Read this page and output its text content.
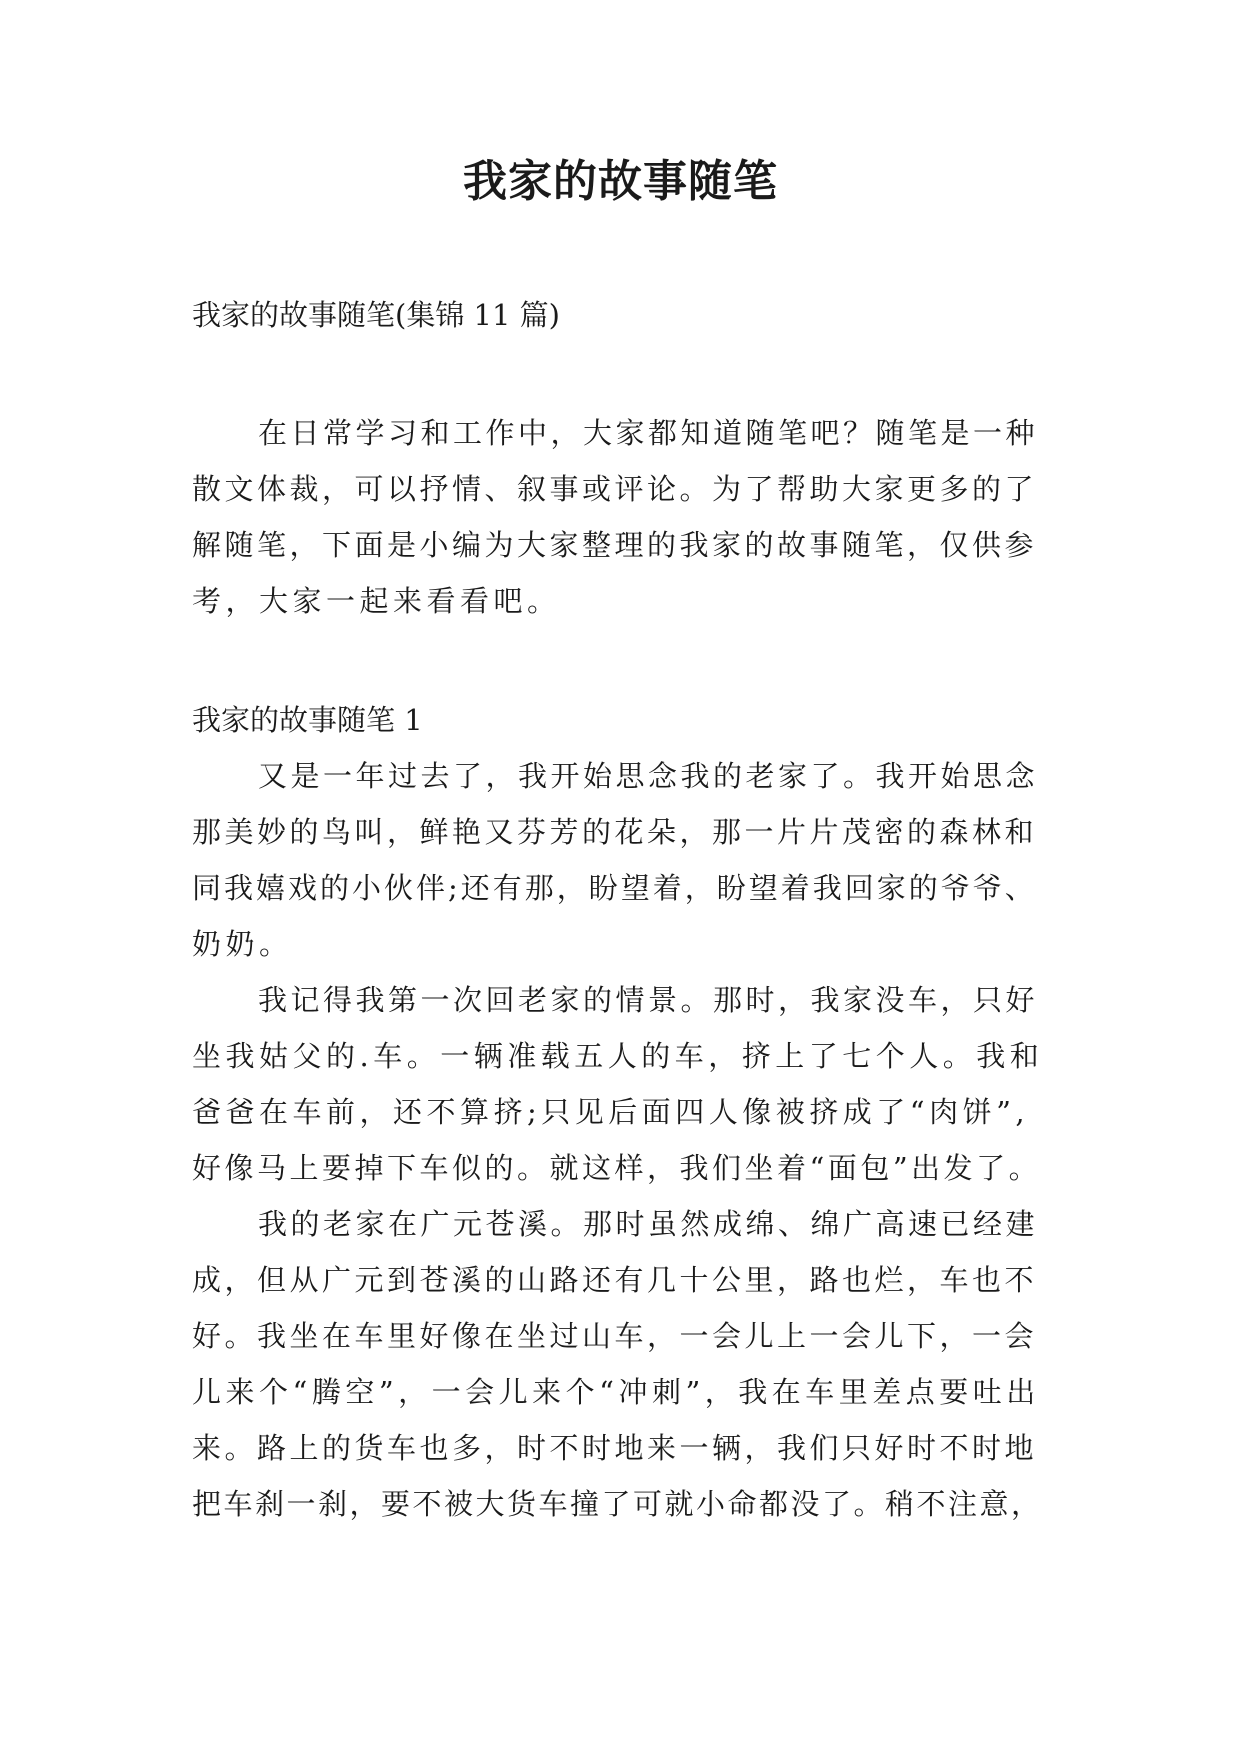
我家的故事随笔

我家的故事随笔(集锦 11 篇)

在日常学习和工作中，大家都知道随笔吧？随笔是一种

散文体裁，可以抒情、叙事或评论。为了帮助大家更多的了

解随笔，下面是小编为大家整理的我家的故事随笔，仅供参

考，大家一起来看看吧。

我家的故事随笔 1

又是一年过去了，我开始思念我的老家了。我开始思念

那美妙的鸟叫，鲜艳又芬芳的花朵，那一片片茂密的森林和

同我嬉戏的小伙伴;还有那，盼望着，盼望着我回家的爷爷、

奶奶。

我记得我第一次回老家的情景。那时，我家没车，只好

坐我姑父的.车。一辆准载五人的车，挤上了七个人。我和

爸爸在车前，还不算挤;只见后面四人像被挤成了“肉饼”,

好像马上要掉下车似的。就这样，我们坐着“面包”出发了。

我的老家在广元苍溪。那时虽然成绵、绵广高速已经建

成，但从广元到苍溪的山路还有几十公里，路也烂，车也不

好。我坐在车里好像在坐过山车，一会儿上一会儿下，一会

儿来个“腾空”，一会儿来个“冲刺”，我在车里差点要吐出

来。路上的货车也多，时不时地来一辆，我们只好时不时地

把车刹一刹，要不被大货车撞了可就小命都没了。稍不注意，
